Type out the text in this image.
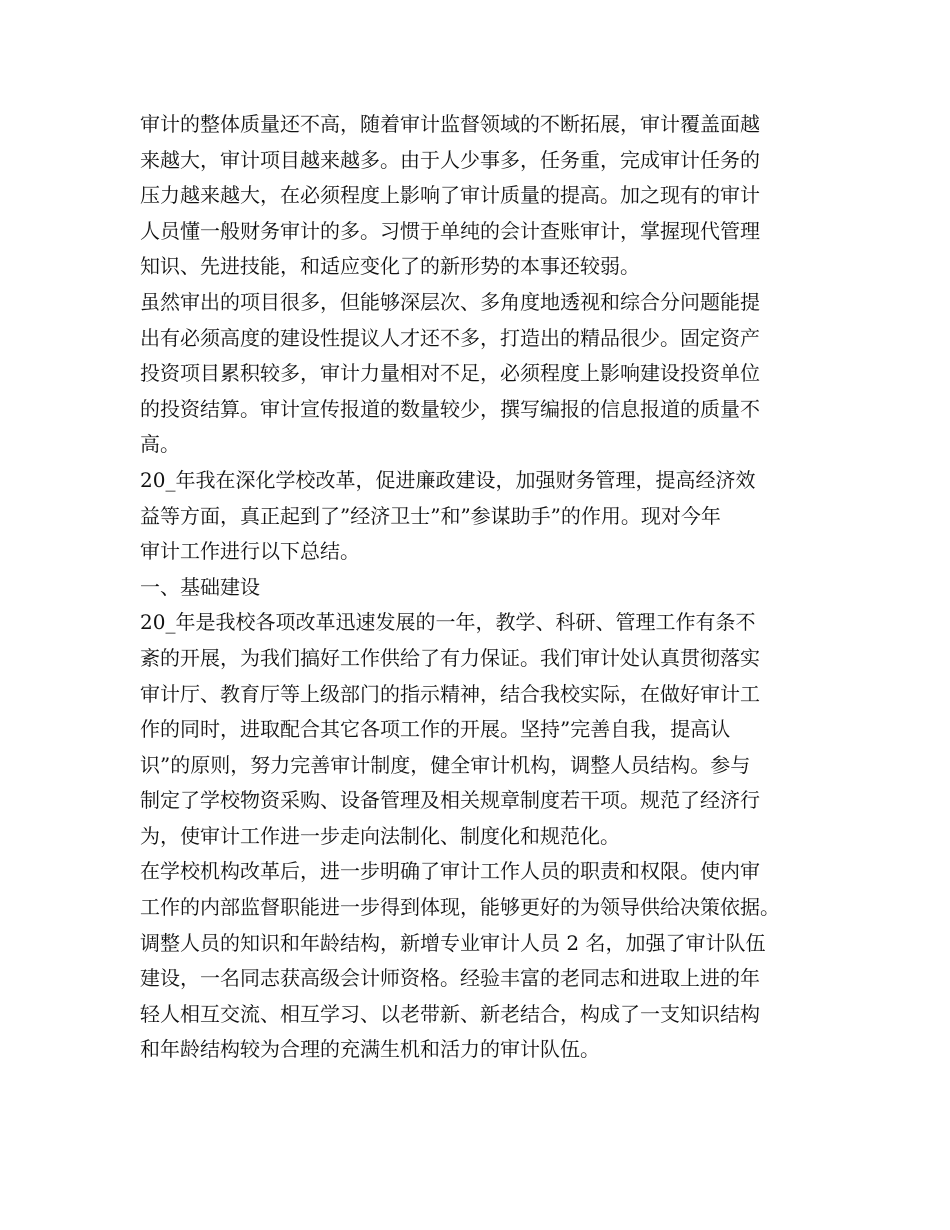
审计的整体质量还不高，随着审计监督领域的不断拓展，审计覆盖面越
来越大，审计项目越来越多。由于人少事多，任务重，完成审计任务的
压力越来越大，在必须程度上影响了审计质量的提高。加之现有的审计
人员懂一般财务审计的多。习惯于单纯的会计查账审计，掌握现代管理
知识、先进技能，和适应变化了的新形势的本事还较弱。

虽然审出的项目很多，但能够深层次、多角度地透视和综合分问题能提
出有必须高度的建设性提议人才还不多，打造出的精品很少。固定资产
投资项目累积较多，审计力量相对不足，必须程度上影响建设投资单位
的投资结算。审计宣传报道的数量较少，撰写编报的信息报道的质量不
高。

20_年我在深化学校改革，促进廉政建设，加强财务管理，提高经济效
益等方面，真正起到了”经济卫士”和”参谋助手”的作用。现对今年
审计工作进行以下总结。

一、基础建设

20_年是我校各项改革迅速发展的一年，教学、科研、管理工作有条不
紊的开展，为我们搞好工作供给了有力保证。我们审计处认真贯彻落实
审计厅、教育厅等上级部门的指示精神，结合我校实际，在做好审计工
作的同时，进取配合其它各项工作的开展。坚持”完善自我，提高认
识”的原则，努力完善审计制度，健全审计机构，调整人员结构。参与
制定了学校物资采购、设备管理及相关规章制度若干项。规范了经济行
为，使审计工作进一步走向法制化、制度化和规范化。

在学校机构改革后，进一步明确了审计工作人员的职责和权限。使内审
工作的内部监督职能进一步得到体现，能够更好的为领导供给决策依据。
调整人员的知识和年龄结构，新增专业审计人员 2 名，加强了审计队伍
建设，一名同志获高级会计师资格。经验丰富的老同志和进取上进的年
轻人相互交流、相互学习、以老带新、新老结合，构成了一支知识结构
和年龄结构较为合理的充满生机和活力的审计队伍。
